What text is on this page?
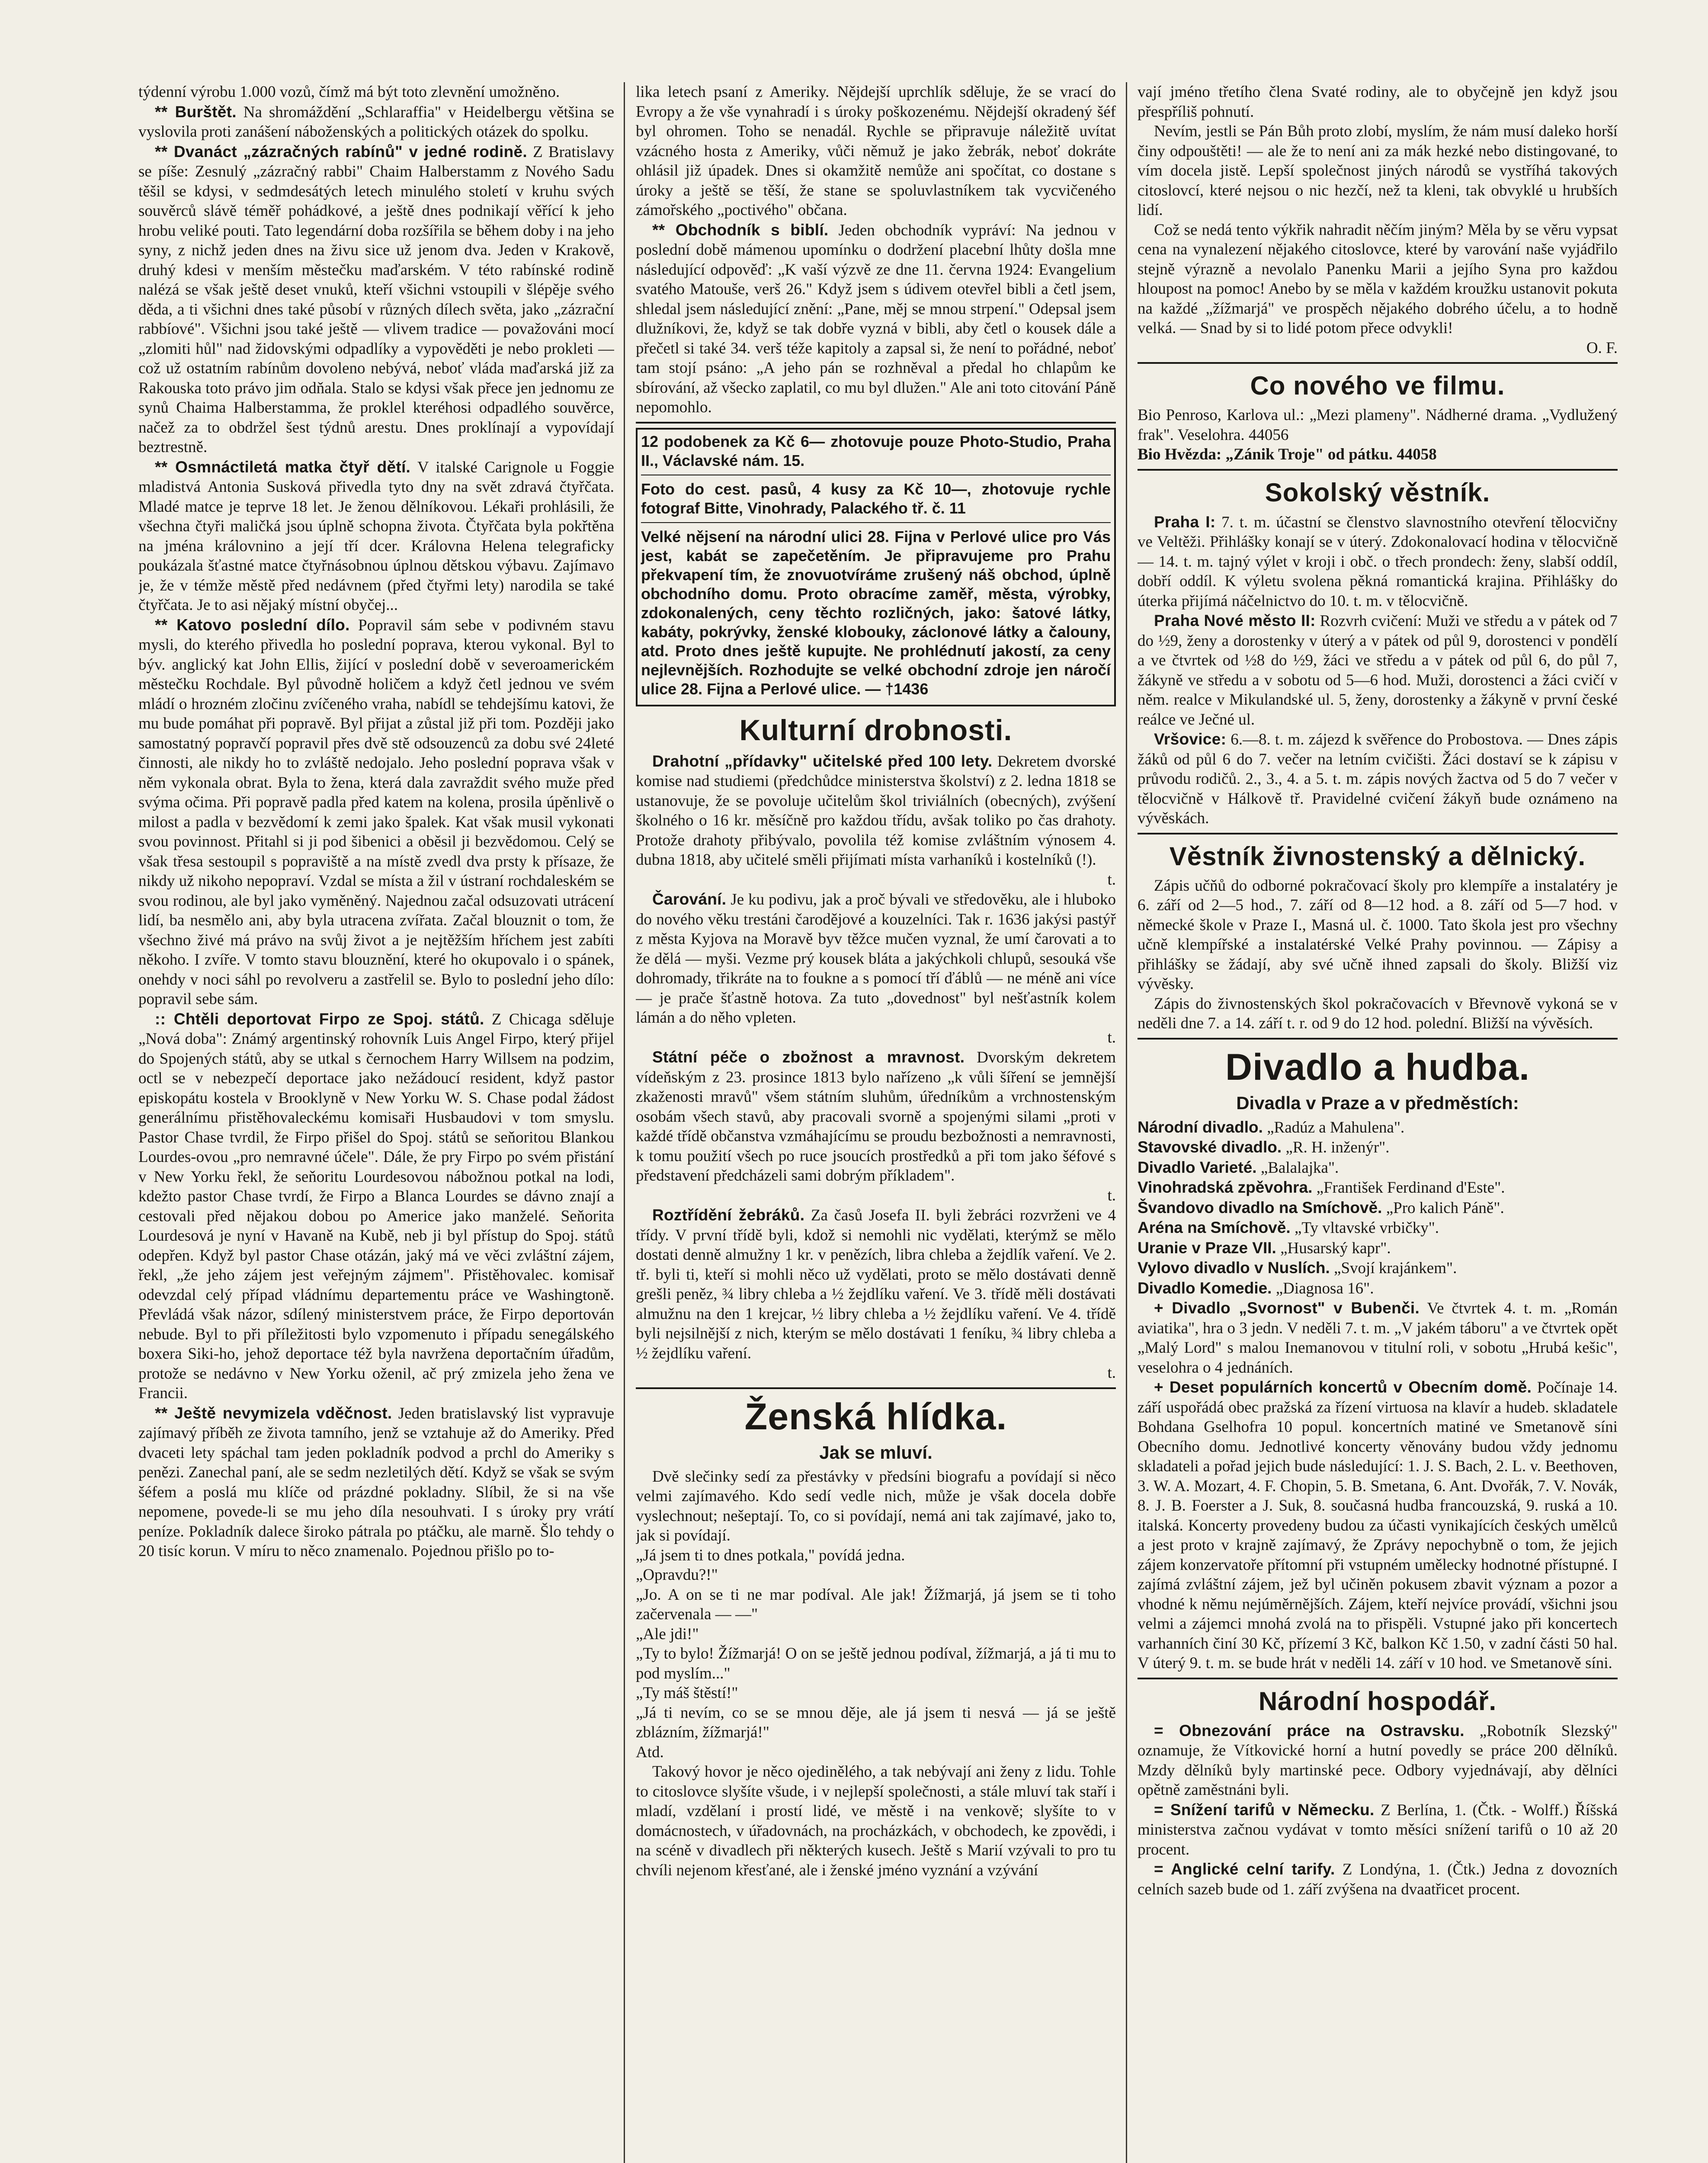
týdenní výrobu 1.000 vozů, čímž má být toto zlevnění umožněno.

** Burštět. Na shromáždění „Schlaraffia" v Heidelbergu většina se vyslovila proti zanášení náboženských a politických otázek do spolku.

** Dvanáct „zázračných rabínů" v jedné rodině. Z Bratislavy se píše: Zesnulý „zázračný rabbi" Chaim Halberstamm z Nového Sadu těšil se kdysi, v sedmdesátých letech minulého století v kruhu svých souvěrců slávě téměř pohádkové, a ještě dnes podnikají věřící k jeho hrobu veliké pouti. Tato legendární doba rozšířila se během doby i na jeho syny, z nichž jeden dnes na živu sice už jenom dva. Jeden v Krakově, druhý kdesi v menším městečku maďarském. V této rabínské rodině nalézá se však ještě deset vnuků, kteří všichni vstoupili v šlépěje svého děda, a ti všichni dnes také působí v různých dílech světa, jako „zázrační rabbíové". Všichni jsou také ještě — vlivem tradice — považováni mocí „zlomiti hůl" nad židovskými odpadlíky a vypověděti je nebo prokleti — což už ostatním rabínům dovoleno nebývá, neboť vláda maďarská již za Rakouska toto právo jim odňala. Stalo se kdysi však přece jen jednomu ze synů Chaima Halberstamma, že proklel kteréhosi odpadlého souvěrce, načež za to obdržel šest týdnů arestu. Dnes proklínají a vypovídají beztrestně.

** Osmnáctiletá matka čtyř dětí. V italské Carignole u Foggie mladistvá Antonia Susková přivedla tyto dny na svět zdravá čtyřčata. Mladé matce je teprve 18 let. Je ženou dělníkovou. Lékaři prohlásili, že všechna čtyři maličká jsou úplně schopna života. Čtyřčata byla pokřtěna na jména královnino a její tří dcer. Královna Helena telegraficky poukázala šťastné matce čtyřnásobnou úplnou dětskou výbavu. Zajímavo je, že v témže městě před nedávnem (před čtyřmi lety) narodila se také čtyřčata. Je to asi nějaký místní obyčej...

** Katovo poslední dílo. Popravil sám sebe v podivném stavu mysli, do kterého přivedla ho poslední poprava, kterou vykonal. Byl to býv. anglický kat John Ellis, žijící v poslední době v severoamerickém městečku Rochdale. Byl původně holičem a když četl jednou ve svém mládí o hrozném zločinu zvíčeného vraha, nabídl se tehdejšímu katovi, že mu bude pomáhat při popravě. Byl přijat a zůstal již při tom. Později jako samostatný popravčí popravil přes dvě stě odsouzenců za dobu své 24leté činnosti, ale nikdy ho to zvláště nedojalo. Jeho poslední poprava však v něm vykonala obrat. Byla to žena, která dala zavraždit svého muže před svýma očima. Při popravě padla před katem na kolena, prosila úpěnlivě o milost a padla v bezvědomí k zemi jako špalek. Kat však musil vykonati svou povinnost. Přitahl si ji pod šibenici a oběsil ji bezvědomou. Celý se však třesa sestoupil s popraviště a na místě zvedl dva prsty k přísaze, že nikdy už nikoho nepopraví. Vzdal se místa a žil v ústraní rochdaleském se svou rodinou, ale byl jako vyměněný. Najednou začal odsuzovati utrácení lidí, ba nesmělo ani, aby byla utracena zvířata. Začal blouznit o tom, že všechno živé má právo na svůj život a je nejtěžším hříchem jest zabíti někoho. I zvíře. V tomto stavu blouznění, které ho okupovalo i o spánek, onehdy v noci sáhl po revolveru a zastřelil se. Bylo to poslední jeho dílo: popravil sebe sám.

:: Chtěli deportovat Firpo ze Spoj. států. Z Chicaga sděluje „Nová doba": Známý argentinský rohovník Luis Angel Firpo, který přijel do Spojených států, aby se utkal s černochem Harry Willsem na podzim, octl se v nebezpečí deportace jako nežádoucí resident, když pastor episkopátu kostela v Brooklyně v New Yorku W. S. Chase podal žádost generálnímu přistěhovaleckému komisaři Husbaudovi v tom smyslu. Pastor Chase tvrdil, že Firpo přišel do Spoj. států se seňoritou Blankou Lourdes-ovou „pro nemravné účele". Dále, že pry Firpo po svém přistání v New Yorku řekl, že seňoritu Lourdesovou nábožnou potkal na lodi, kdežto pastor Chase tvrdí, že Firpo a Blanca Lourdes se dávno znají a cestovali před nějakou dobou po Americe jako manželé. Seňorita Lourdesová je nyní v Havaně na Kubě, neb ji byl přístup do Spoj. států odepřen. Když byl pastor Chase otázán, jaký má ve věci zvláštní zájem, řekl, „že jeho zájem jest veřejným zájmem". Přistěhovalec. komisař odevzdal celý případ vládnímu departementu práce ve Washingtoně. Převládá však názor, sdílený ministerstvem práce, že Firpo deportován nebude. Byl to při příležitosti bylo vzpomenuto i případu senegálského boxera Siki-ho, jehož deportace též byla navržena deportačním úřadům, protože se nedávno v New Yorku oženil, ač prý zmizela jeho žena ve Francii.

** Ještě nevymizela vděčnost. Jeden bratislavský list vypravuje zajímavý příběh ze života tamního, jenž se vztahuje až do Ameriky. Před dvaceti lety spáchal tam jeden pokladník podvod a prchl do Ameriky s penězi. Zanechal paní, ale se sedm nezletilých dětí. Když se však se svým šéfem a poslá mu klíče od prázdné pokladny. Slíbil, že si na vše nepomene, povede-li se mu jeho díla nesouhvati. I s úroky pry vrátí peníze. Pokladník dalece široko pátrala po ptáčku, ale marně. Šlo tehdy o 20 tisíc korun. V míru to něco znamenalo. Pojednou přišlo po to-

lika letech psaní z Ameriky. Nějdejší uprchlík sděluje, že se vrací do Evropy a že vše vynahradí i s úroky poškozenému. Nějdejší okradený šéf byl ohromen. Toho se nenadál. Rychle se připravuje náležitě uvítat vzácného hosta z Ameriky, vůči němuž je jako žebrák, neboť dokráte ohlásil již úpadek. Dnes si okamžitě nemůže ani spočítat, co dostane s úroky a ještě se těší, že stane se spoluvlastníkem tak vycvičeného zámořského „poctivého" občana.

** Obchodník s biblí. Jeden obchodník vypráví: Na jednou v poslední době mámenou upomínku o dodržení placební lhůty došla mne následující odpověď: „K vaší výzvě ze dne 11. června 1924: Evangelium svatého Matouše, verš 26." Když jsem s údivem otevřel bibli a četl jsem, shledal jsem následující znění: „Pane, měj se mnou strpení." Odepsal jsem dlužníkovi, že, když se tak dobře vyzná v bibli, aby četl o kousek dále a přečetl si také 34. verš téže kapitoly a zapsal si, že není to pořádné, neboť tam stojí psáno: „A jeho pán se rozhněval a předal ho chlapům ke sbírování, až všecko zaplatil, co mu byl dlužen." Ale ani toto citování Páně nepomohlo.

12 podobenek za Kč 6— zhotovuje pouze Photo-Studio, Praha II., Václavské nám. 15.

Foto do cest. pasů, 4 kusy za Kč 10—, zhotovuje rychle fotograf Bitte, Vinohrady, Palackého tř. č. 11

Velké nějsení na národní ulici 28. Fijna v Perlové ulice pro Vás jest, kabát se zapečetěním. Je připravujeme pro Prahu překvapení tím, že znovuotvíráme zrušený náš obchod, úplně obchodního domu. Proto obracíme zaměř, města, výrobky, zdokonalených, ceny těchto rozličných, jako: šatové látky, kabáty, pokrývky, ženské klobouky, záclonové látky a čalouny, atd. Proto dnes ještě kupujte. Ne prohlédnutí jakostí, za ceny nejlevnějších. Rozhodujte se velké obchodní zdroje jen náročí ulice 28. Fijna a Perlové ulice. — †1436

Kulturní drobnosti.

Drahotní „přídavky" učitelské před 100 lety. Dekretem dvorské komise nad studiemi (předchůdce ministerstva školství) z 2. ledna 1818 se ustanovuje, že se povoluje učitelům škol triviálních (obecných), zvýšení školného o 16 kr. měsíčně pro každou třídu, avšak toliko po čas drahoty. Protože drahoty přibývalo, povolila též komise zvláštním výnosem 4. dubna 1818, aby učitelé směli přijímati místa varhaníků i kostelníků (!).

t.

Čarování. Je ku podivu, jak a proč bývali ve středověku, ale i hluboko do nového věku trestáni čarodějové a kouzelníci. Tak r. 1636 jakýsi pastýř z města Kyjova na Moravě byv těžce mučen vyznal, že umí čarovati a to že dělá — myši. Vezme prý kousek bláta a jakýchkoli chlupů, sesouká vše dohromady, třikráte na to foukne a s pomocí tří ďáblů — ne méně ani více — je prače šťastně hotova. Za tuto „dovednost" byl nešťastník kolem lámán a do něho vpleten.

t.

Státní péče o zbožnost a mravnost. Dvorským dekretem vídeňským z 23. prosince 1813 bylo nařízeno „k vůli šíření se jemnější zkaženosti mravů" všem státním sluhům, úředníkům a vrchnostenským osobám všech stavů, aby pracovali svorně a spojenými silami „proti v každé třídě občanstva vzmáhajícímu se proudu bezbožnosti a nemravnosti, k tomu použití všech po ruce jsoucích prostředků a při tom jako šéfové s představení předcházeli sami dobrým příkladem".

t.

Roztřídění žebráků. Za časů Josefa II. byli žebráci rozvrženi ve 4 třídy. V první třídě byli, kdož si nemohli nic vydělati, kterýmž se mělo dostati denně almužny 1 kr. v penězích, libra chleba a žejdlík vaření. Ve 2. tř. byli ti, kteří si mohli něco už vydělati, proto se mělo dostávati denně grešli peněz, ¾ libry chleba a ½ žejdlíku vaření. Ve 3. třídě měli dostávati almužnu na den 1 krejcar, ½ libry chleba a ½ žejdlíku vaření. Ve 4. třídě byli nejsilnější z nich, kterým se mělo dostávati 1 feníku, ¾ libry chleba a ½ žejdlíku vaření.

t.

Ženská hlídka.
Jak se mluví.

Dvě slečinky sedí za přestávky v předsíni biografu a povídají si něco velmi zajímavého. Kdo sedí vedle nich, může je však docela dobře vyslechnout; nešeptají. To, co si povídají, nemá ani tak zajímavé, jako to, jak si povídají.

„Já jsem ti to dnes potkala," povídá jedna.

„Opravdu?!"

„Jo. A on se ti ne mar podíval. Ale jak! Žížmarjá, já jsem se ti toho začervenala — —"

„Ale jdi!"

„Ty to bylo! Žížmarjá! O on se ještě jednou podíval, žížmarjá, a já ti mu to pod myslím..."

„Ty máš štěstí!"

„Já ti nevím, co se se mnou děje, ale já jsem ti nesvá — já se ještě zblázním, žížmarjá!"

Atd.

Takový hovor je něco ojedinělého, a tak nebývají ani ženy z lidu. Tohle to citoslovce slyšíte všude, i v nejlepší společnosti, a stále mluví tak staří i mladí, vzdělaní i prostí lidé, ve městě i na venkově; slyšíte to v domácnostech, v úřadovnách, na procházkách, v obchodech, ke zpovědi, i na scéně v divadlech při některých kusech. Ještě s Marií vzývali to pro tu chvíli nejenom křesťané, ale i ženské jméno vyznání a vzývání

vají jméno třetího člena Svaté rodiny, ale to obyčejně jen když jsou přespříliš pohnutí.

Nevím, jestli se Pán Bůh proto zlobí, myslím, že nám musí daleko horší činy odpouštěti! — ale že to není ani za mák hezké nebo distingované, to vím docela jistě. Lepší společnost jiných národů se vystříhá takových citoslovcí, které nejsou o nic hezčí, než ta kleni, tak obvyklé u hrubších lidí.

Což se nedá tento výkřik nahradit něčím jiným? Měla by se věru vypsat cena na vynalezení nějakého citoslovce, které by varování naše vyjádřilo stejně výrazně a nevolalo Panenku Marii a jejího Syna pro každou hloupost na pomoc! Anebo by se měla v každém kroužku ustanovit pokuta na každé „žížmarjá" ve prospěch nějakého dobrého účelu, a to hodně velká. — Snad by si to lidé potom přece odvykli!

O. F.

Co nového ve filmu.

Bio Penroso, Karlova ul.: „Mezi plameny". Nádherné drama. „Vydlužený frak". Veselohra. 44056

Bio Hvězda: „Zánik Troje" od pátku. 44058

Sokolský věstník.

Praha I: 7. t. m. účastní se členstvo slavnostního otevření tělocvičny ve Veltěži. Přihlášky konají se v úterý. Zdokonalovací hodina v tělocvičně — 14. t. m. tajný výlet v kroji i obč. o třech prondech: ženy, slabší oddíl, dobří oddíl. K výletu svolena pěkná romantická krajina. Přihlášky do úterka přijímá náčelnictvo do 10. t. m. v tělocvičně.

Praha Nové město II: Rozvrh cvičení: Muži ve středu a v pátek od 7 do ½9, ženy a dorostenky v úterý a v pátek od půl 9, dorostenci v pondělí a ve čtvrtek od ½8 do ½9, žáci ve středu a v pátek od půl 6, do půl 7, žákyně ve středu a v sobotu od 5—6 hod. Muži, dorostenci a žáci cvičí v něm. realce v Mikulandské ul. 5, ženy, dorostenky a žákyně v první české reálce ve Ječné ul.

Vršovice: 6.—8. t. m. zájezd k svěřence do Probostova. — Dnes zápis žáků od půl 6 do 7. večer na letním cvičišti. Žáci dostaví se k zápisu v průvodu rodičů. 2., 3., 4. a 5. t. m. zápis nových žactva od 5 do 7 večer v tělocvičně v Hálkově tř. Pravidelné cvičení žákyň bude oznámeno na vývěskách.

Věstník živnostenský a dělnický.

Zápis učňů do odborné pokračovací školy pro klempíře a instalatéry je 6. září od 2—5 hod., 7. září od 8—12 hod. a 8. září od 5—7 hod. v německé škole v Praze I., Masná ul. č. 1000. Tato škola jest pro všechny učně klempířské a instalatérské Velké Prahy povinnou. — Zápisy a přihlášky se žádají, aby své učně ihned zapsali do školy. Bližší viz vývěsky.

Zápis do živnostenských škol pokračovacích v Břevnově vykoná se v neděli dne 7. a 14. září t. r. od 9 do 12 hod. polední. Bližší na vývěsích.

Divadlo a hudba.
Divadla v Praze a v předměstích:

Národní divadlo. „Radúz a Mahulena".

Stavovské divadlo. „R. H. inženýr".

Divadlo Varieté. „Balalajka".

Vinohradská zpěvohra. „František Ferdinand d'Este".

Švandovo divadlo na Smíchově. „Pro kalich Páně".

Aréna na Smíchově. „Ty vltavské vrbičky".

Uranie v Praze VII. „Husarský kapr".

Vylovo divadlo v Nuslích. „Svojí krajánkem".

Divadlo Komedie. „Diagnosa 16".

+ Divadlo „Svornost" v Bubenči. Ve čtvrtek 4. t. m. „Román aviatika", hra o 3 jedn. V neděli 7. t. m. „V jakém táboru" a ve čtvrtek opět „Malý Lord" s malou Inemanovou v titulní roli, v sobotu „Hrubá kešic", veselohra o 4 jednáních.

+ Deset populárních koncertů v Obecním domě. Počínaje 14. září uspořádá obec pražská za řízení virtuosa na klavír a hudeb. skladatele Bohdana Gselhofra 10 popul. koncertních matiné ve Smetanově síni Obecního domu. Jednotlivé koncerty věnovány budou vždy jednomu skladateli a pořad jejich bude následující: 1. J. S. Bach, 2. L. v. Beethoven, 3. W. A. Mozart, 4. F. Chopin, 5. B. Smetana, 6. Ant. Dvořák, 7. V. Novák, 8. J. B. Foerster a J. Suk, 8. současná hudba francouzská, 9. ruská a 10. italská. Koncerty provedeny budou za účasti vynikajících českých umělců a jest proto v krajně zajímavý, že Zprávy nepochybně o tom, že jejich zájem konzervatoře přítomní při vstupném umělecky hodnotné přístupné. I zajímá zvláštní zájem, jež byl učiněn pokusem zbavit význam a pozor a vhodné k němu nejúměrnějších. Zájem, kteří nejvíce provádí, všichni jsou velmi a zájemci mnohá zvolá na to přispěli. Vstupné jako při koncertech varhanních činí 30 Kč, přízemí 3 Kč, balkon Kč 1.50, v zadní části 50 hal. V úterý 9. t. m. se bude hrát v neděli 14. září v 10 hod. ve Smetanově síni.

Národní hospodář.

= Obnezování práce na Ostravsku. „Robotník Slezský" oznamuje, že Vítkovické horní a hutní povedly se práce 200 dělníků. Mzdy dělníků byly martinské pece. Odbory vyjednávají, aby dělníci opětně zaměstnáni byli.

= Snížení tarifů v Německu. Z Berlína, 1. (Čtk. - Wolff.) Říšská ministerstva začnou vydávat v tomto měsíci snížení tarifů o 10 až 20 procent.

= Anglické celní tarify. Z Londýna, 1. (Čtk.) Jedna z dovozních celních sazeb bude od 1. září zvýšena na dvaatřicet procent.
